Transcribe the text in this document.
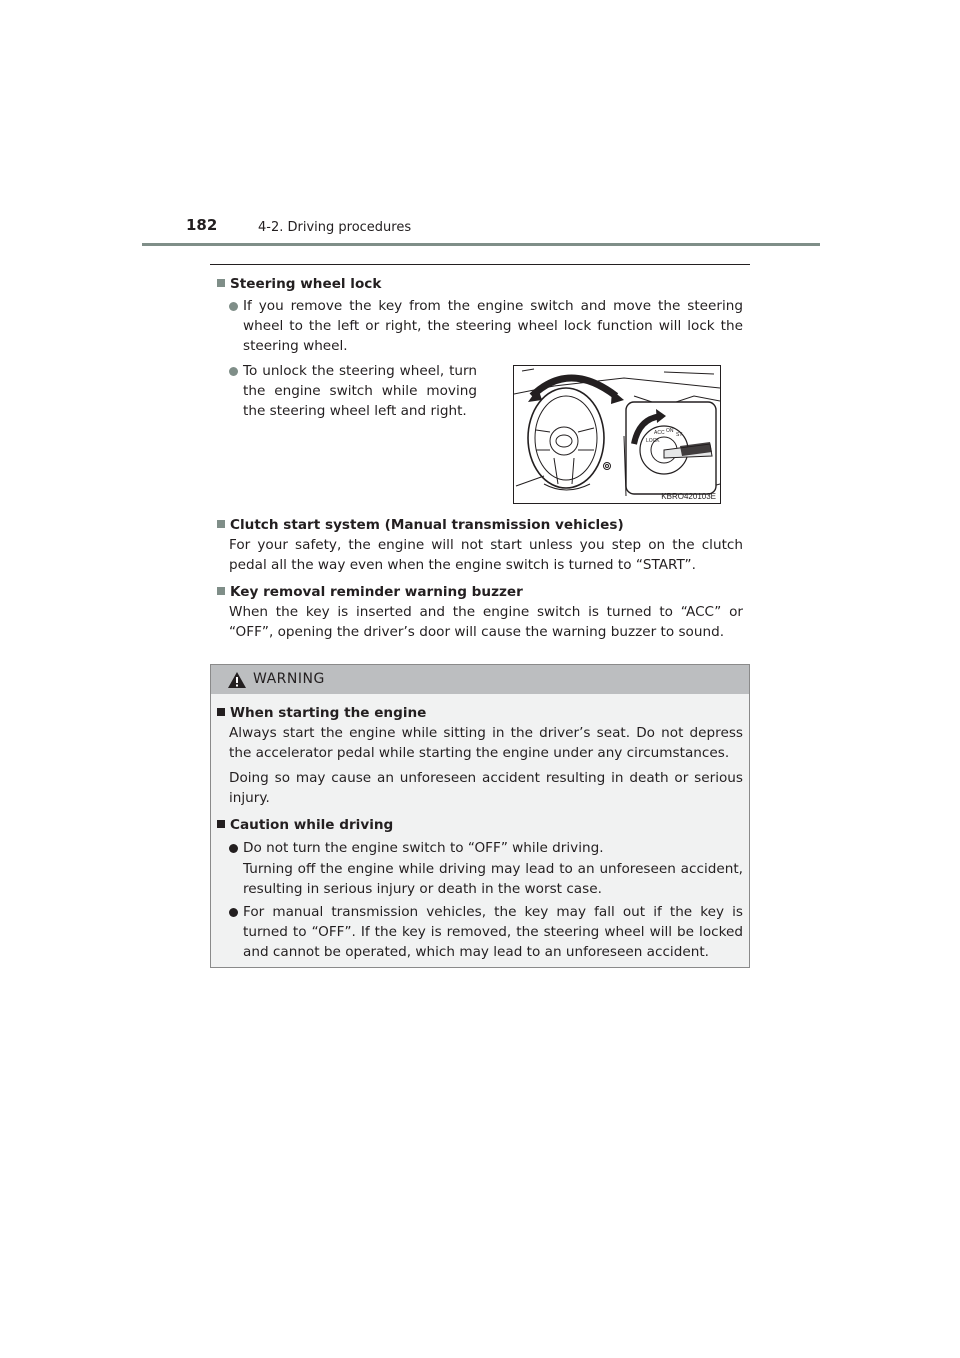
182	4-2. Driving procedures
Steering wheel lock
If you remove the key from the engine switch and move the steering wheel to the left or right, the steering wheel lock function will lock the steering wheel.
To unlock the steering wheel, turn the engine switch while moving the steering wheel left and right.
LOCK
ACC ON
ST
KBRO420103E
Clutch start system (Manual transmission vehicles)
For your safety, the engine will not start unless you step on the clutch pedal all the way even when the engine switch is turned to “START”.
Key removal reminder warning buzzer
When the key is inserted and the engine switch is turned to “ACC” or “OFF”, opening the driver’s door will cause the warning buzzer to sound.
WARNING
When starting the engine
Always start the engine while sitting in the driver’s seat. Do not depress the accelerator pedal while starting the engine under any circumstances.
Doing so may cause an unforeseen accident resulting in death or serious injury.
Caution while driving
Do not turn the engine switch to “OFF” while driving.
Turning off the engine while driving may lead to an unforeseen accident, resulting in serious injury or death in the worst case.
For manual transmission vehicles, the key may fall out if the key is turned to “OFF”. If the key is removed, the steering wheel will be locked and cannot be operated, which may lead to an unforeseen accident.
